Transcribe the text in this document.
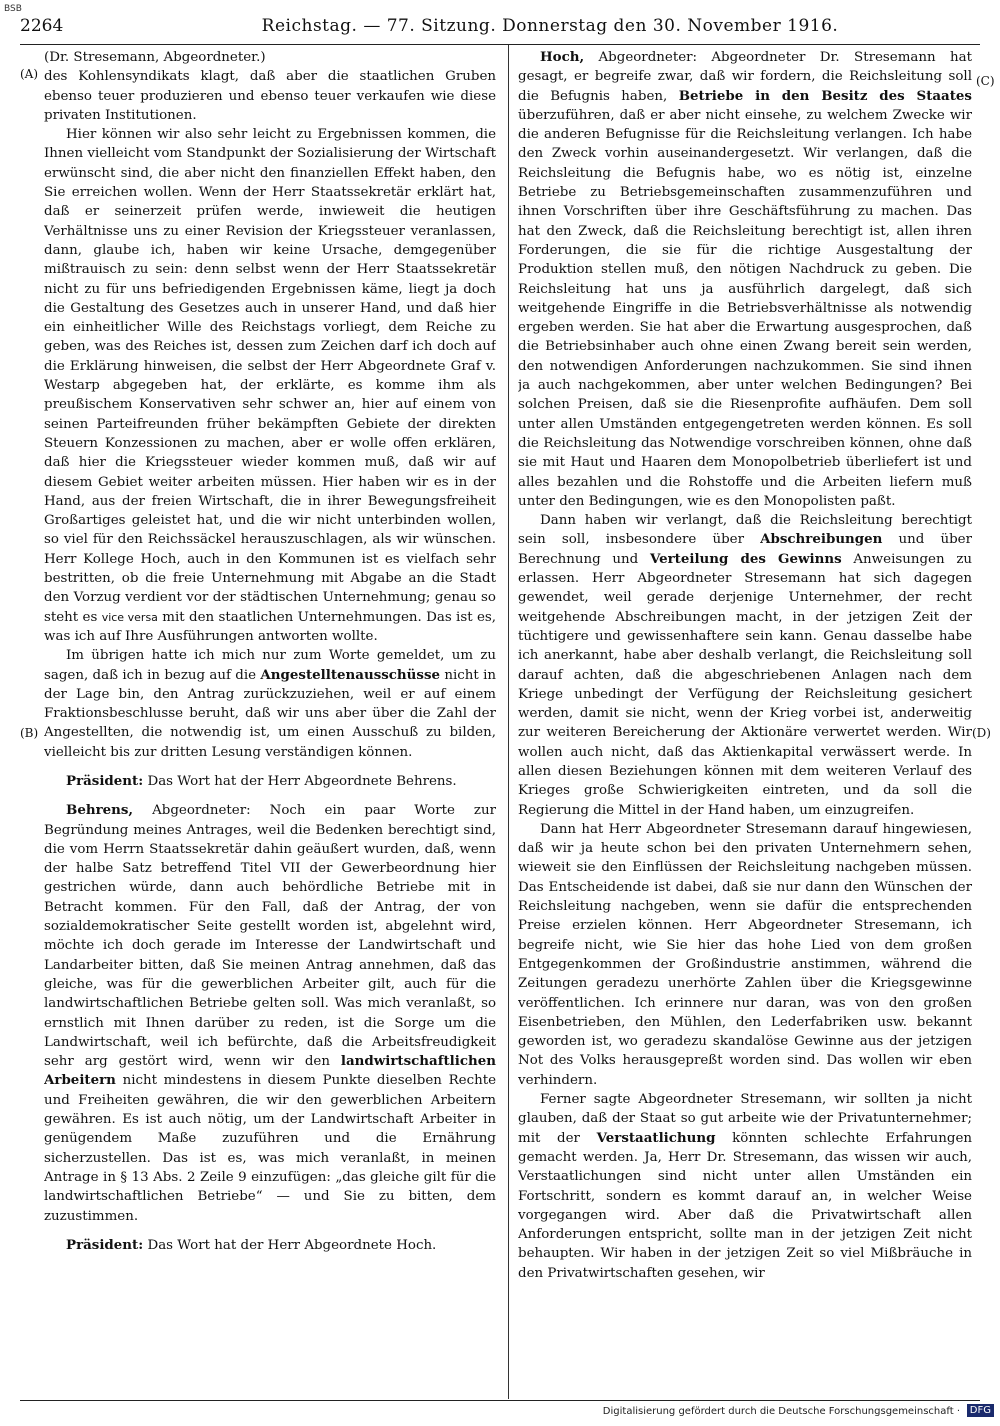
BSB
2264	Reichstag. — 77. Sitzung. Donnerstag den 30. November 1916.
(A)
(B)
(C)
(D)

(Dr. Stresemann, Abgeordneter.)

des Kohlensyndikats klagt, daß aber die staatlichen Gruben ebenso teuer produzieren und ebenso teuer verkaufen wie diese privaten Institutionen.

Hier können wir also sehr leicht zu Ergebnissen kommen, die Ihnen vielleicht vom Standpunkt der Sozialisierung der Wirtschaft erwünscht sind, die aber nicht den finanziellen Effekt haben, den Sie erreichen wollen. Wenn der Herr Staatssekretär erklärt hat, daß er seinerzeit prüfen werde, inwieweit die heutigen Verhältnisse uns zu einer Revision der Kriegssteuer veranlassen, dann, glaube ich, haben wir keine Ursache, demgegenüber mißtrauisch zu sein: denn selbst wenn der Herr Staatssekretär nicht zu für uns befriedigenden Ergebnissen käme, liegt ja doch die Gestaltung des Gesetzes auch in unserer Hand, und daß hier ein einheitlicher Wille des Reichstags vorliegt, dem Reiche zu geben, was des Reiches ist, dessen zum Zeichen darf ich doch auf die Erklärung hinweisen, die selbst der Herr Abgeordnete Graf v. Westarp abgegeben hat, der erklärte, es komme ihm als preußischem Konservativen sehr schwer an, hier auf einem von seinen Parteifreunden früher bekämpften Gebiete der direkten Steuern Konzessionen zu machen, aber er wolle offen erklären, daß hier die Kriegssteuer wieder kommen muß, daß wir auf diesem Gebiet weiter arbeiten müssen. Hier haben wir es in der Hand, aus der freien Wirtschaft, die in ihrer Bewegungsfreiheit Großartiges geleistet hat, und die wir nicht unterbinden wollen, so viel für den Reichssäckel herauszuschlagen, als wir wünschen. Herr Kollege Hoch, auch in den Kommunen ist es vielfach sehr bestritten, ob die freie Unternehmung mit Abgabe an die Stadt den Vorzug verdient vor der städtischen Unternehmung; genau so steht es vice versa mit den staatlichen Unternehmungen. Das ist es, was ich auf Ihre Ausführungen antworten wollte.

Im übrigen hatte ich mich nur zum Worte gemeldet, um zu sagen, daß ich in bezug auf die Angestelltenausschüsse nicht in der Lage bin, den Antrag zurückzuziehen, weil er auf einem Fraktionsbeschlusse beruht, daß wir uns aber über die Zahl der Angestellten, die notwendig ist, um einen Ausschuß zu bilden, vielleicht bis zur dritten Lesung verständigen können.

Präsident: Das Wort hat der Herr Abgeordnete Behrens.

Behrens, Abgeordneter: Noch ein paar Worte zur Begründung meines Antrages, weil die Bedenken berechtigt sind, die vom Herrn Staatssekretär dahin geäußert wurden, daß, wenn der halbe Satz betreffend Titel VII der Gewerbeordnung hier gestrichen würde, dann auch behördliche Betriebe mit in Betracht kommen. Für den Fall, daß der Antrag, der von sozialdemokratischer Seite gestellt worden ist, abgelehnt wird, möchte ich doch gerade im Interesse der Landwirtschaft und Landarbeiter bitten, daß Sie meinen Antrag annehmen, daß das gleiche, was für die gewerblichen Arbeiter gilt, auch für die landwirtschaftlichen Betriebe gelten soll. Was mich veranlaßt, so ernstlich mit Ihnen darüber zu reden, ist die Sorge um die Landwirtschaft, weil ich befürchte, daß die Arbeitsfreudigkeit sehr arg gestört wird, wenn wir den landwirtschaftlichen Arbeitern nicht mindestens in diesem Punkte dieselben Rechte und Freiheiten gewähren, die wir den gewerblichen Arbeitern gewähren. Es ist auch nötig, um der Landwirtschaft Arbeiter in genügendem Maße zuzuführen und die Ernährung sicherzustellen. Das ist es, was mich veranlaßt, in meinen Antrage in § 13 Abs. 2 Zeile 9 einzufügen: „das gleiche gilt für die landwirtschaftlichen Betriebe“ — und Sie zu bitten, dem zuzustimmen.

Präsident: Das Wort hat der Herr Abgeordnete Hoch.

Hoch, Abgeordneter: Abgeordneter Dr. Stresemann hat gesagt, er begreife zwar, daß wir fordern, die Reichsleitung soll die Befugnis haben, Betriebe in den Besitz des Staates überzuführen, daß er aber nicht einsehe, zu welchem Zwecke wir die anderen Befugnisse für die Reichsleitung verlangen. Ich habe den Zweck vorhin auseinandergesetzt. Wir verlangen, daß die Reichsleitung die Befugnis habe, wo es nötig ist, einzelne Betriebe zu Betriebsgemeinschaften zusammenzuführen und ihnen Vorschriften über ihre Geschäftsführung zu machen. Das hat den Zweck, daß die Reichsleitung berechtigt ist, allen ihren Forderungen, die sie für die richtige Ausgestaltung der Produktion stellen muß, den nötigen Nachdruck zu geben. Die Reichsleitung hat uns ja ausführlich dargelegt, daß sich weitgehende Eingriffe in die Betriebsverhältnisse als notwendig ergeben werden. Sie hat aber die Erwartung ausgesprochen, daß die Betriebsinhaber auch ohne einen Zwang bereit sein werden, den notwendigen Anforderungen nachzukommen. Sie sind ihnen ja auch nachgekommen, aber unter welchen Bedingungen? Bei solchen Preisen, daß sie die Riesenprofite aufhäufen. Dem soll unter allen Umständen entgegengetreten werden können. Es soll die Reichsleitung das Notwendige vorschreiben können, ohne daß sie mit Haut und Haaren dem Monopolbetrieb überliefert ist und alles bezahlen und die Rohstoffe und die Arbeiten liefern muß unter den Bedingungen, wie es den Monopolisten paßt.

Dann haben wir verlangt, daß die Reichsleitung berechtigt sein soll, insbesondere über Abschreibungen und über Berechnung und Verteilung des Gewinns Anweisungen zu erlassen. Herr Abgeordneter Stresemann hat sich dagegen gewendet, weil gerade derjenige Unternehmer, der recht weitgehende Abschreibungen macht, in der jetzigen Zeit der tüchtigere und gewissenhaftere sein kann. Genau dasselbe habe ich anerkannt, habe aber deshalb verlangt, die Reichsleitung soll darauf achten, daß die abgeschriebenen Anlagen nach dem Kriege unbedingt der Verfügung der Reichsleitung gesichert werden, damit sie nicht, wenn der Krieg vorbei ist, anderweitig zur weiteren Bereicherung der Aktionäre verwertet werden. Wir wollen auch nicht, daß das Aktienkapital verwässert werde. In allen diesen Beziehungen können mit dem weiteren Verlauf des Krieges große Schwierigkeiten eintreten, und da soll die Regierung die Mittel in der Hand haben, um einzugreifen.

Dann hat Herr Abgeordneter Stresemann darauf hingewiesen, daß wir ja heute schon bei den privaten Unternehmern sehen, wieweit sie den Einflüssen der Reichsleitung nachgeben müssen. Das Entscheidende ist dabei, daß sie nur dann den Wünschen der Reichsleitung nachgeben, wenn sie dafür die entsprechenden Preise erzielen können. Herr Abgeordneter Stresemann, ich begreife nicht, wie Sie hier das hohe Lied von dem großen Entgegenkommen der Großindustrie anstimmen, während die Zeitungen geradezu unerhörte Zahlen über die Kriegsgewinne veröffentlichen. Ich erinnere nur daran, was von den großen Eisenbetrieben, den Mühlen, den Lederfabriken usw. bekannt geworden ist, wo geradezu skandalöse Gewinne aus der jetzigen Not des Volks herausgepreßt worden sind. Das wollen wir eben verhindern.

Ferner sagte Abgeordneter Stresemann, wir sollten ja nicht glauben, daß der Staat so gut arbeite wie der Privatunternehmer; mit der Verstaatlichung könnten schlechte Erfahrungen gemacht werden. Ja, Herr Dr. Stresemann, das wissen wir auch, Verstaatlichungen sind nicht unter allen Umständen ein Fortschritt, sondern es kommt darauf an, in welcher Weise vorgegangen wird. Aber daß die Privatwirtschaft allen Anforderungen entspricht, sollte man in der jetzigen Zeit nicht behaupten. Wir haben in der jetzigen Zeit so viel Mißbräuche in den Privatwirtschaften gesehen, wir

Digitalisierung gefördert durch die Deutsche Forschungsgemeinschaft · DFG
